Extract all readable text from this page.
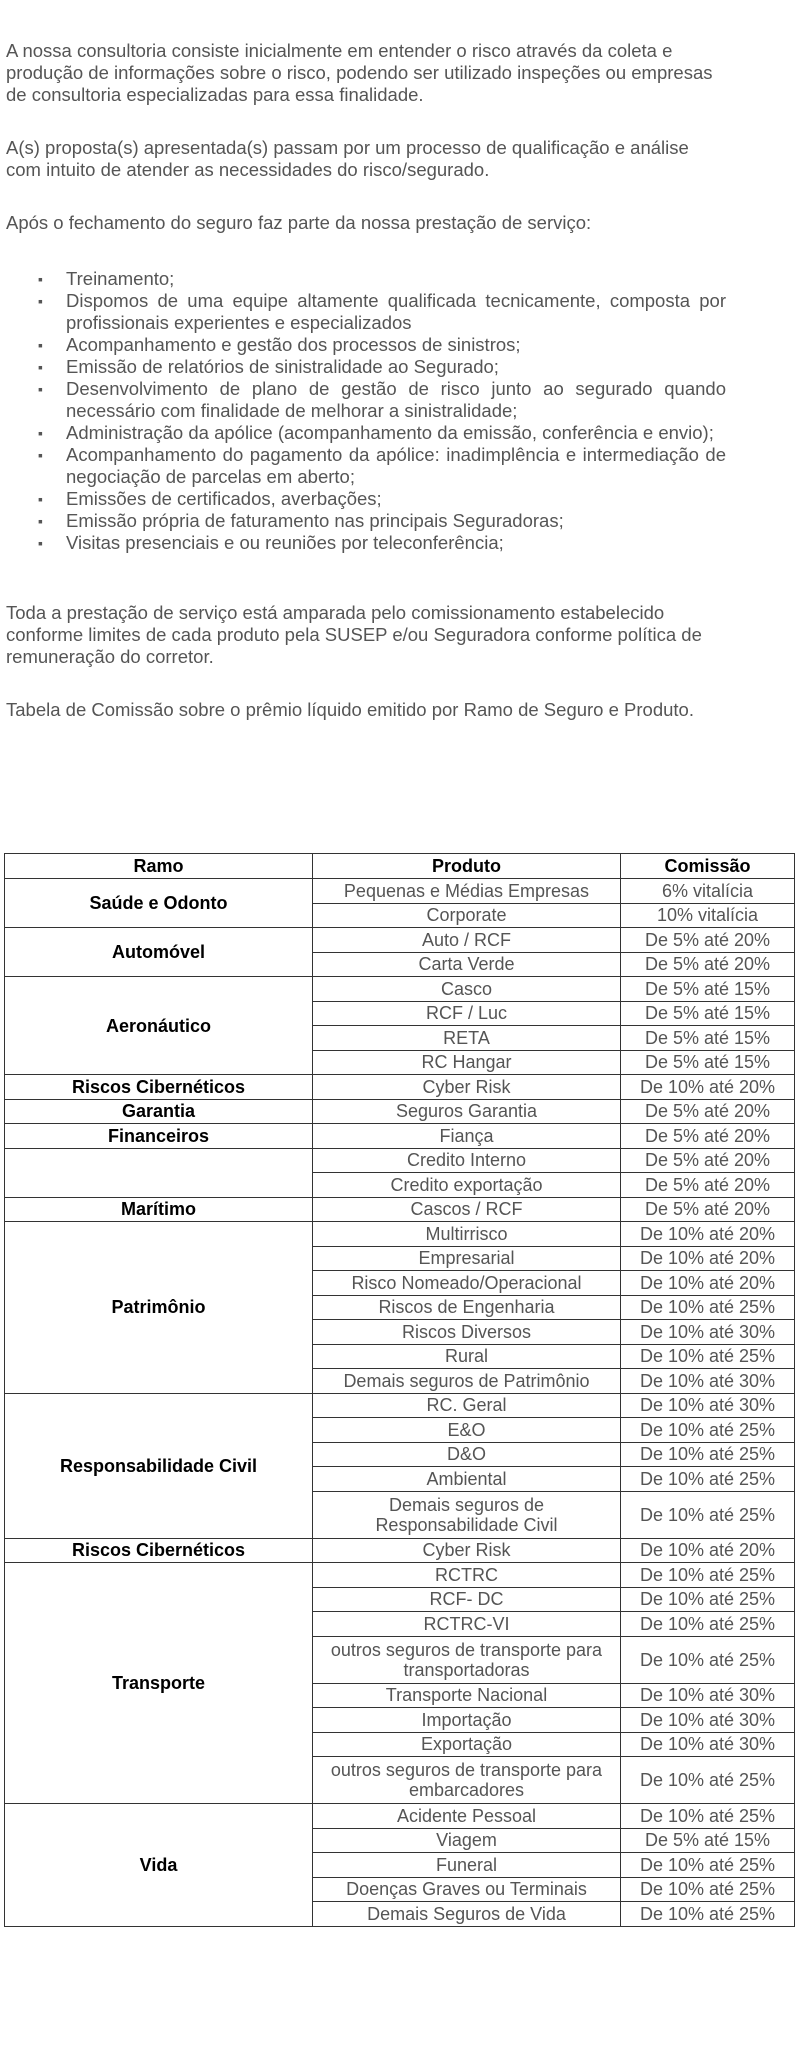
A nossa consultoria consiste inicialmente em entender o risco através da coleta e produção de informações sobre o risco, podendo ser utilizado inspeções ou empresas de consultoria especializadas para essa finalidade.

A(s) proposta(s) apresentada(s) passam por um processo de qualificação e análise com intuito de atender as necessidades do risco/segurado.

Após o fechamento do seguro faz parte da nossa prestação de serviço:

▪ Treinamento;
▪ Dispomos de uma equipe altamente qualificada tecnicamente, composta por profissionais experientes e especializados
▪ Acompanhamento e gestão dos processos de sinistros;
▪ Emissão de relatórios de sinistralidade ao Segurado;
▪ Desenvolvimento de plano de gestão de risco junto ao segurado quando necessário com finalidade de melhorar a sinistralidade;
▪ Administração da apólice (acompanhamento da emissão, conferência e envio);
▪ Acompanhamento do pagamento da apólice: inadimplência e intermediação de negociação de parcelas em aberto;
▪ Emissões de certificados, averbações;
▪ Emissão própria de faturamento nas principais Seguradoras;
▪ Visitas presenciais e ou reuniões por teleconferência;

Toda a prestação de serviço está amparada pelo comissionamento estabelecido conforme limites de cada produto pela SUSEP e/ou Seguradora conforme política de remuneração do corretor.

Tabela de Comissão sobre o prêmio líquido emitido por Ramo de Seguro e Produto.

Ramo	Produto	Comissão
Saúde e Odonto	Pequenas e Médias Empresas	6% vitalícia
	Corporate	10% vitalícia
Automóvel	Auto / RCF	De 5% até 20%
	Carta Verde	De 5% até 20%
Aeronáutico	Casco	De 5% até 15%
	RCF / Luc	De 5% até 15%
	RETA	De 5% até 15%
	RC Hangar	De 5% até 15%
Riscos Cibernéticos	Cyber Risk	De 10% até 20%
Garantia	Seguros Garantia	De 5% até 20%
Financeiros	Fiança	De 5% até 20%
	Credito Interno	De 5% até 20%
	Credito exportação	De 5% até 20%
Marítimo	Cascos / RCF	De 5% até 20%
Patrimônio	Multirrisco	De 10% até 20%
	Empresarial	De 10% até 20%
	Risco Nomeado/Operacional	De 10% até 20%
	Riscos de Engenharia	De 10% até 25%
	Riscos Diversos	De 10% até 30%
	Rural	De 10% até 25%
	Demais seguros de Patrimônio	De 10% até 30%
Responsabilidade Civil	RC. Geral	De 10% até 30%
	E&O	De 10% até 25%
	D&O	De 10% até 25%
	Ambiental	De 10% até 25%
	Demais seguros de Responsabilidade Civil	De 10% até 25%
Riscos Cibernéticos	Cyber Risk	De 10% até 20%
Transporte	RCTRC	De 10% até 25%
	RCF- DC	De 10% até 25%
	RCTRC-VI	De 10% até 25%
	outros seguros de transporte para transportadoras	De 10% até 25%
	Transporte Nacional	De 10% até 30%
	Importação	De 10% até 30%
	Exportação	De 10% até 30%
	outros seguros de transporte para embarcadores	De 10% até 25%
Vida	Acidente Pessoal	De 10% até 25%
	Viagem	De 5% até 15%
	Funeral	De 10% até 25%
	Doenças Graves ou Terminais	De 10% até 25%
	Demais Seguros de Vida	De 10% até 25%
